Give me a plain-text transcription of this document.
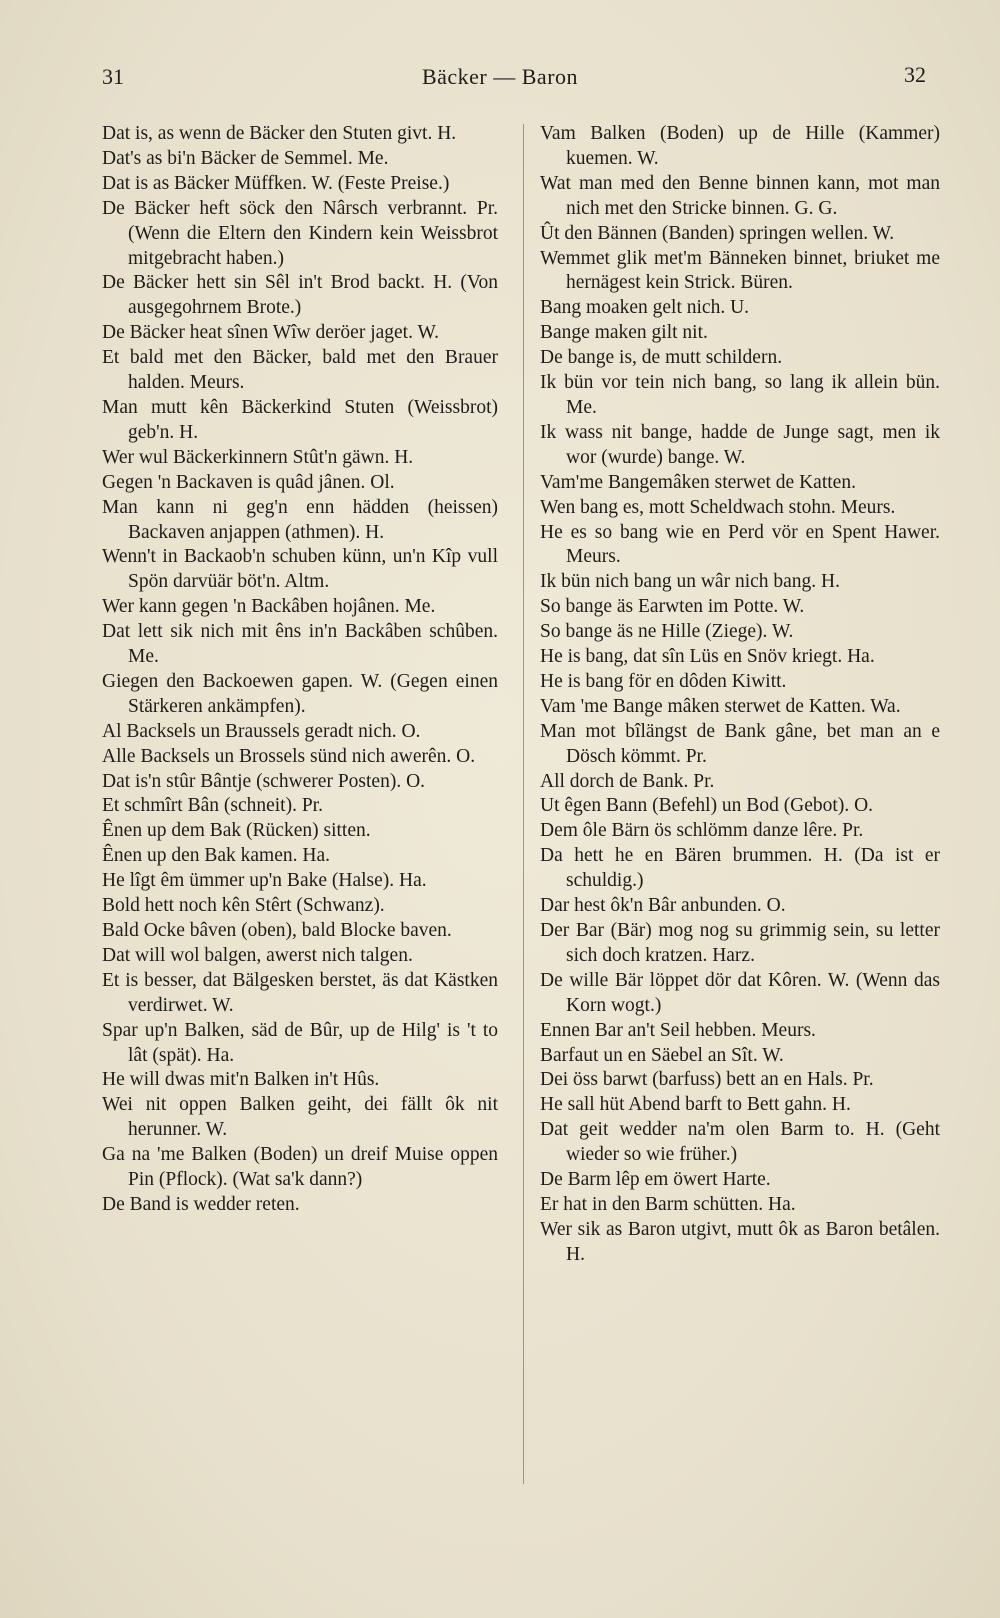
31	Bäcker — Baron	32
Dat is, as wenn de Bäcker den Stuten givt. H.
Dat's as bi'n Bäcker de Semmel. Me.
Dat is as Bäcker Müffken. W. (Feste Preise.)
De Bäcker heft söck den Nârsch verbrannt. Pr. (Wenn die Eltern den Kindern kein Weissbrot mitgebracht haben.)
De Bäcker hett sin Sêl in't Brod backt. H. (Von ausgegohrnem Brote.)
De Bäcker heat sînen Wîw deröer jaget. W.
Et bald met den Bäcker, bald met den Brauer halden. Meurs.
Man mutt kên Bäckerkind Stuten (Weissbrot) geb'n. H.
Wer wul Bäckerkinnern Stût'n gäwn. H.
Gegen 'n Backaven is quâd jânen. Ol.
Man kann ni geg'n enn hädden (heissen) Backaven anjappen (athmen). H.
Wenn't in Backaob'n schuben künn, un'n Kîp vull Spön darvüär böt'n. Altm.
Wer kann gegen 'n Backâben hojânen. Me.
Dat lett sik nich mit êns in'n Backâben schûben. Me.
Giegen den Backoewen gapen. W. (Gegen einen Stärkeren ankämpfen).
Al Backsels un Braussels geradt nich. O.
Alle Backsels un Brossels sünd nich awerên. O.
Dat is'n stûr Bântje (schwerer Posten). O.
Et schmîrt Bân (schneit). Pr.
Ênen up dem Bak (Rücken) sitten.
Ênen up den Bak kamen. Ha.
He lîgt êm ümmer up'n Bake (Halse). Ha.
Bold hett noch kên Stêrt (Schwanz).
Bald Ocke bâven (oben), bald Blocke baven.
Dat will wol balgen, awerst nich talgen.
Et is besser, dat Bälgesken berstet, äs dat Kästken verdirwet. W.
Spar up'n Balken, säd de Bûr, up de Hilg' is 't to lât (spät). Ha.
He will dwas mit'n Balken in't Hûs.
Wei nit oppen Balken geiht, dei fällt ôk nit herunner. W.
Ga na 'me Balken (Boden) un dreif Muise oppen Pin (Pflock). (Wat sa'k dann?)
De Band is wedder reten.
Vam Balken (Boden) up de Hille (Kammer) kuemen. W.
Wat man med den Benne binnen kann, mot man nich met den Stricke binnen. G. G.
Ût den Bännen (Banden) springen wellen. W.
Wemmet glik met'm Bänneken binnet, briuket me hernägest kein Strick. Büren.
Bang moaken gelt nich. U.
Bange maken gilt nit.
De bange is, de mutt schildern.
Ik bün vor tein nich bang, so lang ik allein bün. Me.
Ik wass nit bange, hadde de Junge sagt, men ik wor (wurde) bange. W.
Vam'me Bangemâken sterwet de Katten.
Wen bang es, mott Scheldwach stohn. Meurs.
He es so bang wie en Perd vör en Spent Hawer. Meurs.
Ik bün nich bang un wâr nich bang. H.
So bange äs Earwten im Potte. W.
So bange äs ne Hille (Ziege). W.
He is bang, dat sîn Lüs en Snöv kriegt. Ha.
He is bang för en dôden Kiwitt.
Vam 'me Bange mâken sterwet de Katten. Wa.
Man mot bîlängst de Bank gâne, bet man an e Dösch kömmt. Pr.
All dorch de Bank. Pr.
Ut êgen Bann (Befehl) un Bod (Gebot). O.
Dem ôle Bärn ös schlömm danze lêre. Pr.
Da hett he en Bären brummen. H. (Da ist er schuldig.)
Dar hest ôk'n Bâr anbunden. O.
Der Bar (Bär) mog nog su grimmig sein, su letter sich doch kratzen. Harz.
De wille Bär löppet dör dat Kôren. W. (Wenn das Korn wogt.)
Ennen Bar an't Seil hebben. Meurs.
Barfaut un en Säebel an Sît. W.
Dei öss barwt (barfuss) bett an en Hals. Pr.
He sall hüt Abend barft to Bett gahn. H.
Dat geit wedder na'm olen Barm to. H. (Geht wieder so wie früher.)
De Barm lêp em öwert Harte.
Er hat in den Barm schütten. Ha.
Wer sik as Baron utgivt, mutt ôk as Baron betâlen. H.
